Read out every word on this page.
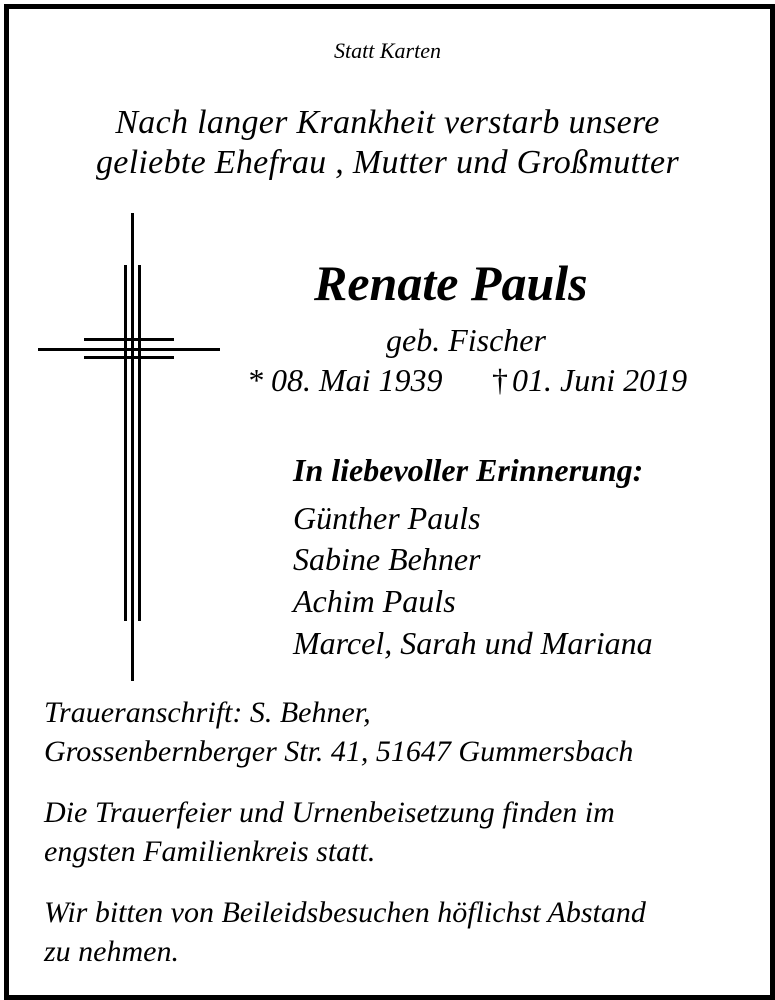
Statt Karten
Nach langer Krankheit verstarb unsere
geliebte Ehefrau , Mutter und Großmutter
Renate Pauls
geb. Fischer
* 08. Mai 1939 † 01. Juni 2019
In liebevoller Erinnerung:
Günther Pauls
Sabine Behner
Achim Pauls
Marcel, Sarah und Mariana
Traueranschrift: S. Behner,
Grossenbernberger Str. 41, 51647 Gummersbach
Die Trauerfeier und Urnenbeisetzung finden im
engsten Familienkreis statt.
Wir bitten von Beileidsbesuchen höflichst Abstand
zu nehmen.
